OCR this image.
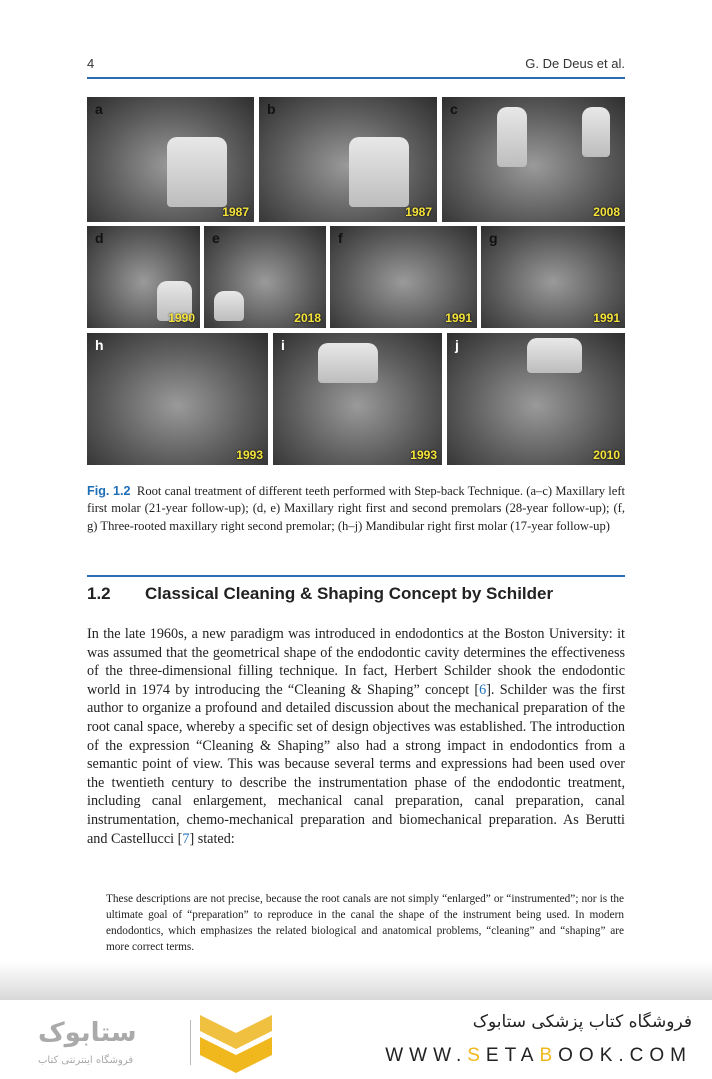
4	G. De Deus et al.
a
1987
b
1987
c
2008
d
1990
e
2018
f
1991
g
1991
h
1993
i
1993
j
2010
Fig. 1.2 Root canal treatment of different teeth performed with Step-back Technique. (a–c) Maxillary left first molar (21-year follow-up); (d, e) Maxillary right first and second premolars (28-year follow-up); (f, g) Three-rooted maxillary right second premolar; (h–j) Mandibular right first molar (17-year follow-up)
1.2 Classical Cleaning & Shaping Concept by Schilder
In the late 1960s, a new paradigm was introduced in endodontics at the Boston University: it was assumed that the geometrical shape of the endodontic cavity determines the effectiveness of the three-dimensional filling technique. In fact, Herbert Schilder shook the endodontic world in 1974 by introducing the “Cleaning & Shaping” concept [6]. Schilder was the first author to organize a profound and detailed discussion about the mechanical preparation of the root canal space, whereby a specific set of design objectives was established. The introduction of the expression “Cleaning & Shaping” also had a strong impact in endodontics from a semantic point of view. This was because several terms and expressions had been used over the twentieth century to describe the instrumentation phase of the endodontic treatment, including canal enlargement, mechanical canal preparation, canal preparation, canal instrumentation, chemo-mechanical preparation and biomechanical preparation. As Berutti and Castellucci [7] stated:
These descriptions are not precise, because the root canals are not simply “enlarged” or “instrumented”; nor is the ultimate goal of “preparation” to reproduce in the canal the shape of the instrument being used. In modern endodontics, which emphasizes the related biological and anatomical problems, “cleaning” and “shaping” are more correct terms.
ستابوک
فروشگاه اینترنتی کتاب
فروشگاه کتاب پزشکی ستابوک
WWW.SETABOOK.COM
